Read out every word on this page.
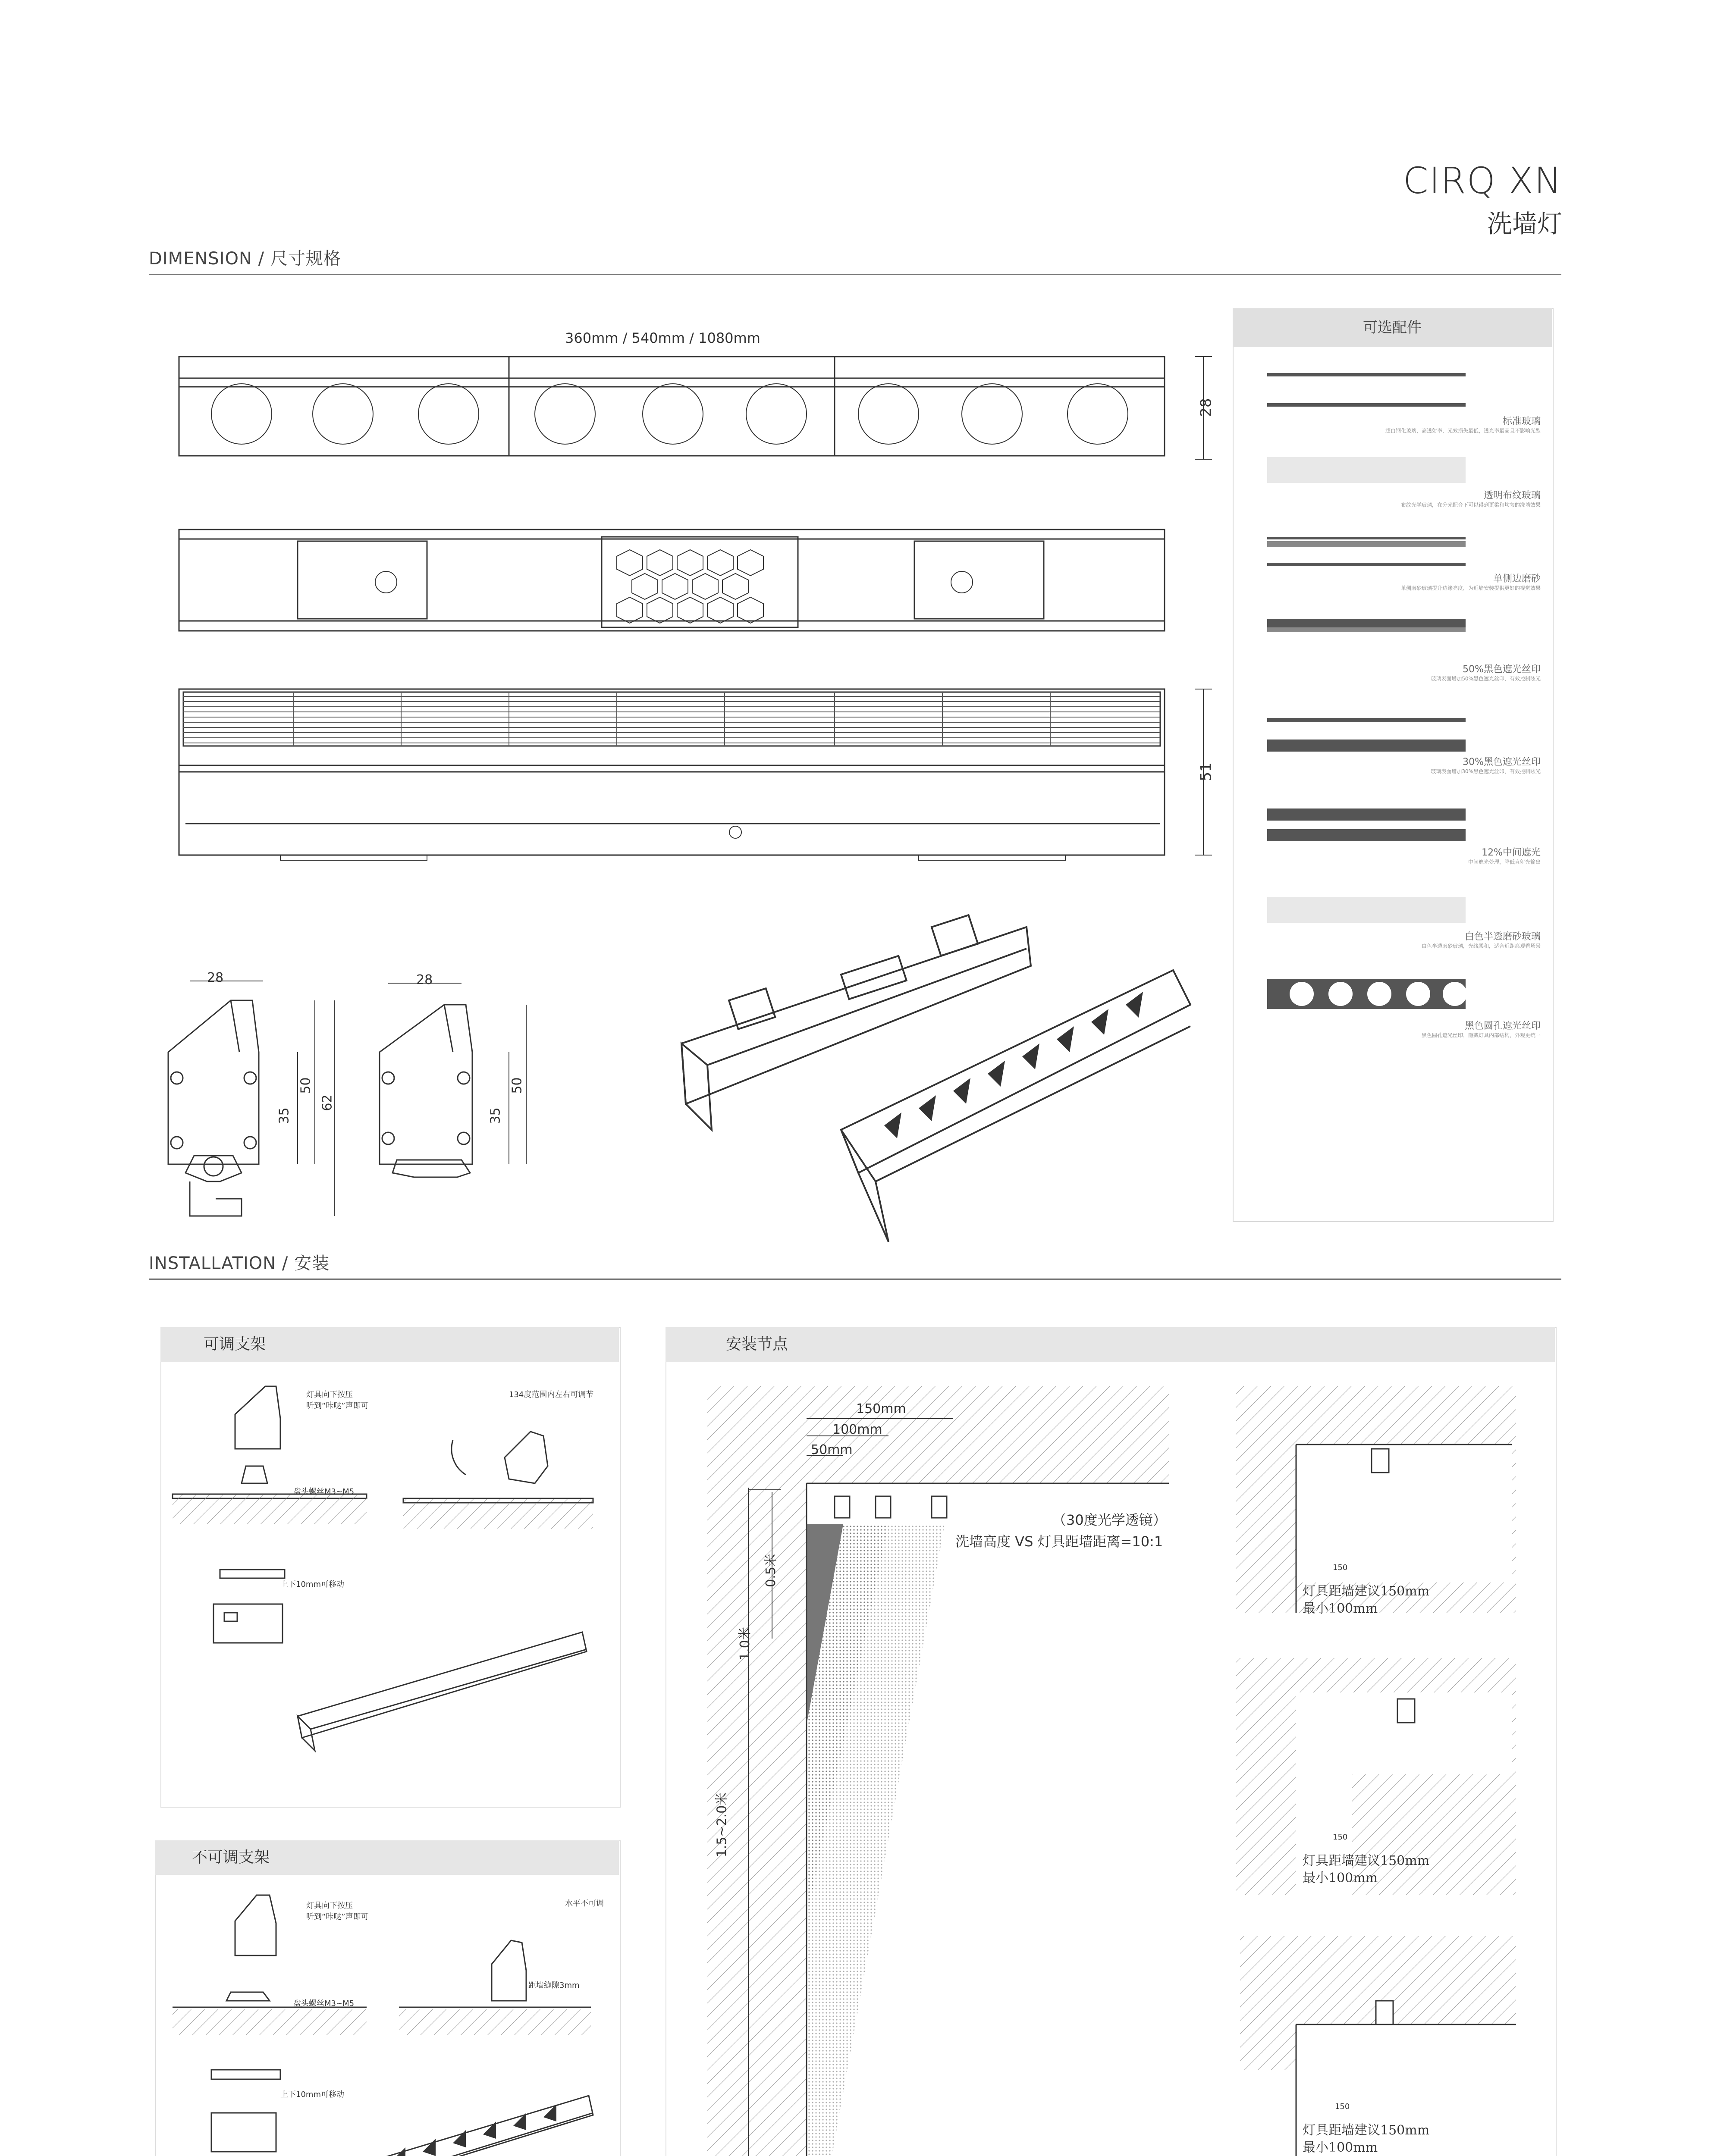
CIRQ XN
洗墙灯
DIMENSION / 尺寸规格
360mm / 540mm / 1080mm
28
51
28
35
50
62
28
35
50
可选配件
标准玻璃
超白钢化玻璃，高透射率，光效损失最低，透光率最高且不影响光型
透明布纹玻璃
布纹光学玻璃，在分光配合下可以得到更柔和均匀的洗墙效果
单侧边磨砂
单侧磨砂玻璃提升边缘亮度，为近墙安装提供更好的视觉效果
50%黑色遮光丝印
玻璃表面增加50%黑色遮光丝印，有效控制眩光
30%黑色遮光丝印
玻璃表面增加30%黑色遮光丝印，有效控制眩光
12%中间遮光
中间遮光处理，降低直射光输出
白色半透磨砂玻璃
白色半透磨砂玻璃，光线柔和，适合近距离观看场景
黑色圆孔遮光丝印
黑色圆孔遮光丝印，隐藏灯具内部结构，外观更统一
INSTALLATION / 安装
可调支架
不可调支架
安装节点
灯具向下按压
听到“咔哒”声即可
134度范围内左右可调节
盘头螺丝M3~M5
上下10mm可移动
灯具向下按压
听到“咔哒”声即可
水平不可调
距墙缝隙3mm
盘头螺丝M3~M5
上下10mm可移动
150mm
100mm
50mm
0.5米
1.0米
1.5~2.0米
（30度光学透镜）
洗墙高度 VS 灯具距墙距离=10:1
150
灯具距墙建议150mm
最小100mm
150
灯具距墙建议150mm
最小100mm
150
灯具距墙建议150mm
最小100mm
